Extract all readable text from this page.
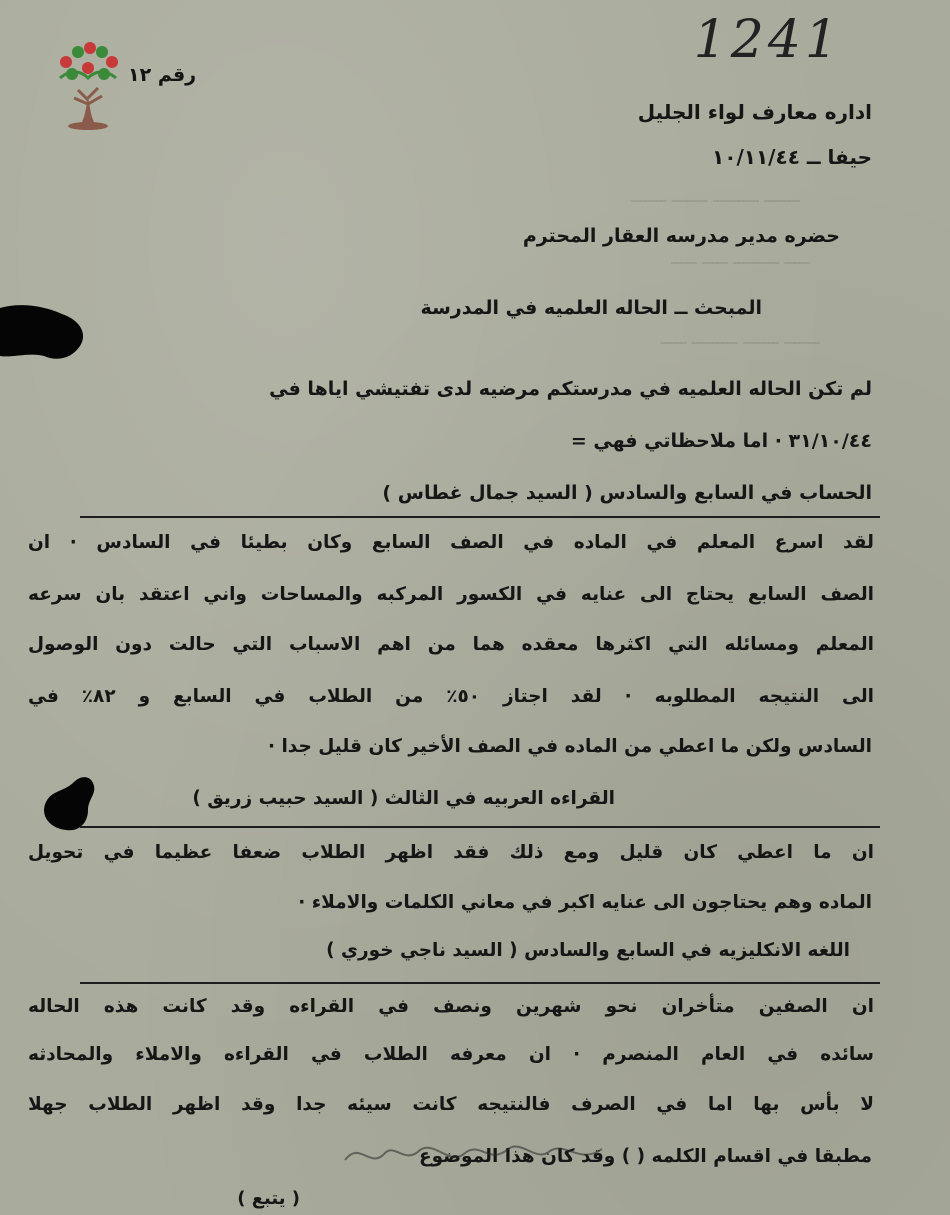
ـــــــ ـــــــــ ـــــــ ـــــــ
ـــــ ـــــــــ ـــــ ـــــ
ـــــــ ـــــــ ـــــــــ ـــــ
رقم ١٢
1241
اداره معارف لواء الجليل
حيفا ــ ١٠/١١/٤٤
حضره مدير مدرسه العقار المحترم
المبحث ــ الحاله العلميه في المدرسة
لم تكن الحاله العلميه في مدرستكم مرضيه لدى تفتيشي اياها في
٣١/١٠/٤٤ · اما ملاحظاتي فهي =
الحساب في السابع والسادس ( السيد جمال غطاس )
لقد اسرع المعلم في الماده في الصف السابع وكان بطيئا في السادس · ان
الصف السابع يحتاج الى عنايه في الكسور المركبه والمساحات واني اعتقد بان سرعه
المعلم ومسائله التي اكثرها معقده هما من اهم الاسباب التي حالت دون الوصول
الى النتيجه المطلوبه · لقد اجتاز ٥٠٪ من الطلاب في السابع و ٨٢٪ في
السادس ولكن ما اعطي من الماده في الصف الأخير كان قليل جدا ·
القراءه العربيه في الثالث ( السيد حبيب زريق )
ان ما اعطي كان قليل ومع ذلك فقد اظهر الطلاب ضعفا عظيما في تحويل
الماده وهم يحتاجون الى عنايه اكبر في معاني الكلمات والاملاء ·
اللغه الانكليزيه في السابع والسادس ( السيد ناجي خوري )
ان الصفين متأخران نحو شهرين ونصف في القراءه وقد كانت هذه الحاله
سائده في العام المنصرم · ان معرفه الطلاب في القراءه والاملاء والمحادثه
لا بأس بها اما في الصرف فالنتيجه كانت سيئه جدا وقد اظهر الطلاب جهلا
مطبقا في اقسام الكلمه ( ) وقد كان هذا الموضوع
( يتبع )
